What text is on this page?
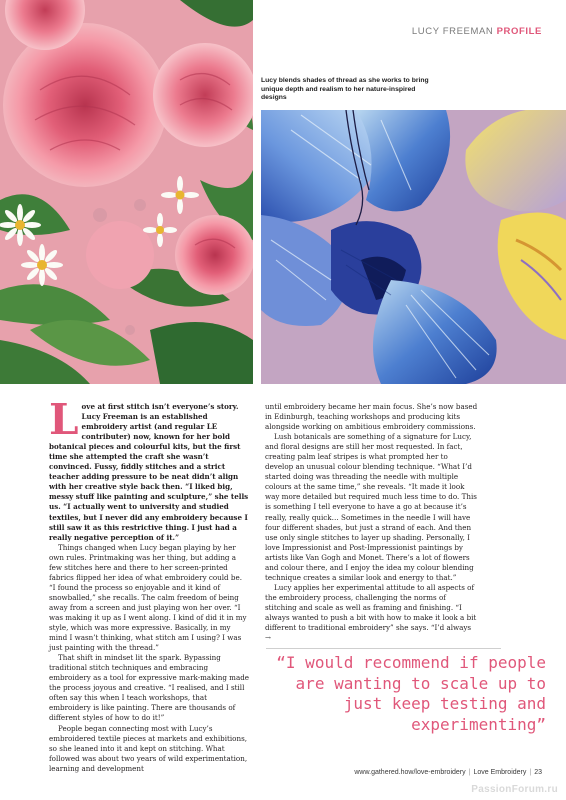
LUCY FREEMAN PROFILE
Lucy blends shades of thread as she works to bring unique depth and realism to her nature-inspired designs

Love at first stitch isn’t everyone’s story. Lucy Freeman is an established embroidery artist (and regular LE contributer) now, known for her bold botanical pieces and colourful kits, but the first time she attempted the craft she wasn’t convinced. Fussy, fiddly stitches and a strict teacher adding pressure to be neat didn’t align with her creative style back then. “I liked big, messy stuff like painting and sculpture,” she tells us. “I actually went to university and studied textiles, but I never did any embroidery because I still saw it as this restrictive thing. I just had a really negative perception of it.”

Things changed when Lucy began playing by her own rules. Printmaking was her thing, but adding a few stitches here and there to her screen-printed fabrics flipped her idea of what embroidery could be. “I found the process so enjoyable and it kind of snowballed,” she recalls. The calm freedom of being away from a screen and just playing won her over. “I was making it up as I went along. I kind of did it in my style, which was more expressive. Basically, in my mind I wasn’t thinking, what stitch am I using? I was just painting with the thread.”

That shift in mindset lit the spark. Bypassing traditional stitch techniques and embracing embroidery as a tool for expressive mark-making made the process joyous and creative. “I realised, and I still often say this when I teach workshops, that embroidery is like painting. There are thousands of different styles of how to do it!”

People began connecting most with Lucy’s embroidered textile pieces at markets and exhibitions, so she leaned into it and kept on stitching. What followed was about two years of wild experimentation, learning and development

until embroidery became her main focus. She’s now based in Edinburgh, teaching workshops and producing kits alongside working on ambitious embroidery commissions.

Lush botanicals are something of a signature for Lucy, and floral designs are still her most requested. In fact, creating palm leaf stripes is what prompted her to develop an unusual colour blending technique. “What I’d started doing was threading the needle with multiple colours at the same time,” she reveals. “It made it look way more detailed but required much less time to do. This is something I tell everyone to have a go at because it’s really, really quick… Sometimes in the needle I will have four different shades, but just a strand of each. And then use only single stitches to layer up shading. Personally, I love Impressionist and Post-Impressionist paintings by artists like Van Gogh and Monet. There’s a lot of flowers and colour there, and I enjoy the idea my colour blending technique creates a similar look and energy to that.”

Lucy applies her experimental attitude to all aspects of the embroidery process, challenging the norms of stitching and scale as well as framing and finishing. “I always wanted to push a bit with how to make it look a bit different to traditional embroidery” she says. “I’d always →

“I would recommend if people are wanting to scale up to just keep testing and experimenting”
www.gathered.how/love-embroidery | Love Embroidery | 23
PassionForum.ru
